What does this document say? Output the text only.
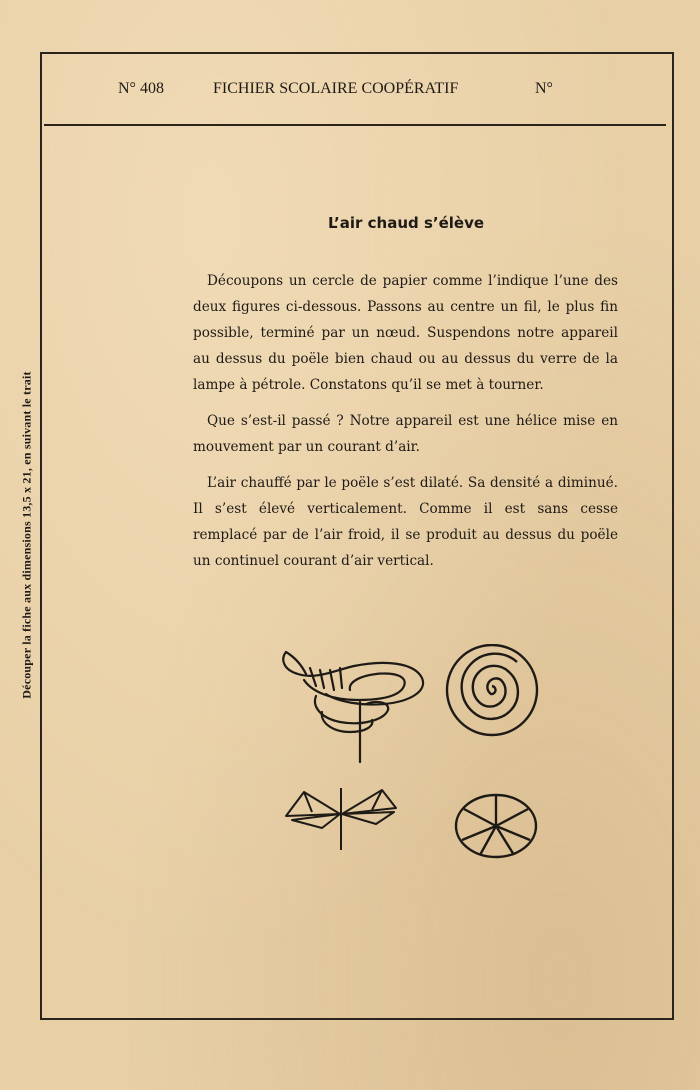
Découper la fiche aux dimensions 13,5 x 21, en suivant le trait
N° 408	FICHIER SCOLAIRE COOPÉRATIF	N°
L’air chaud s’élève

Découpons un cercle de papier comme l’indique l’une des deux figures ci-dessous. Passons au centre un fil, le plus fin possible, terminé par un nœud. Suspendons notre appareil au dessus du poële bien chaud ou au dessus du verre de la lampe à pétrole. Constatons qu’il se met à tourner.

Que s’est-il passé ? Notre appareil est une hélice mise en mouvement par un courant d’air.

L’air chauffé par le poële s’est dilaté. Sa densité a diminué. Il s’est élevé verticalement. Comme il est sans cesse remplacé par de l’air froid, il se produit au dessus du poële un continuel courant d’air vertical.
